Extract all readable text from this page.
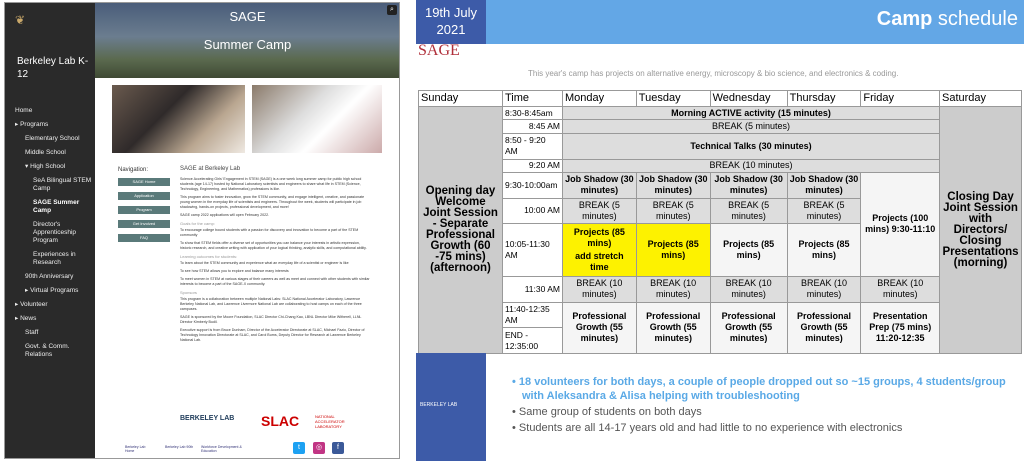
❦
Berkeley Lab K-12
Home
▸ Programs
Elementary School
Middle School
▾ High School
SeA Bilingual STEM Camp
SAGE Summer Camp
Director's Apprenticeship Program
Experiences in Research
90th Anniversary
▸ Virtual Programs
▸ Volunteer
▸ News
Staff
Govt. & Comm. Relations
SAGE
Summer Camp
⌕
Navigation:
SAGE Home
Application
Program
Get Involved
FAQ
SAGE at Berkeley Lab

Science Accelerating Girls' Engagement in STEM (SAGE) is a one week long summer camp for public high school students (age 14-17) hosted by National Laboratory scientists and engineers to share what life in STEM (Science, Technology, Engineering, and Mathematics) professions is like.

This program aims to foster innovation, grow the STEM community, and engage intelligent, creative, and passionate young women in the everyday life of scientists and engineers. Throughout the week, students will participate in job shadowing, hands-on projects, professional development, and more!

SAGE camp 2022 applications will open February 2022.

Goals for the camp:

To encourage college bound students with a passion for discovery and innovation to become a part of the STEM community

To show that STEM fields offer a diverse set of opportunities you can balance your interests in artistic expression, historic research, and creative writing with application of your logical thinking, analytic skills, and computational ability.

Learning outcomes for students:

To learn about the STEM community and experience what an everyday life of a scientist or engineer is like

To see how STEM allows you to explore and balance many interests

To meet women in STEM at various stages of their careers as well as meet and connect with other students with similar interests to become a part of the SAGE-X community.

Sponsors

This program is a collaboration between multiple National Labs: SLAC National Accelerator Laboratory, Lawrence Berkeley National Lab, and Lawrence Livermore National Lab are collaborating to host camps on each of the three campuses.

SAGE is sponsored by the Moore Foundation, SLAC Director Chi-Chang Kao, LBNL Director Mike Witherell, LLNL Director Kimberly Budil.

Executive support is from Bruce Dunham, Director of the Accelerator Directorate at SLAC, Michael Fazio, Director of Technology Innovation Directorate at SLAC, and Carol Burns, Deputy Director for Research at Lawrence Berkeley National Lab.

BERKELEY LAB SLAC	NATIONAL ACCELERATOR LABORATORY
Berkeley Lab Home
Berkeley Lab 90th	Workforce Development & Education	t	◎	f
19th July 2021	Camp schedule
SAGE
This year's camp has projects on alternative energy, microscopy & bio science, and electronics & coding.
Sunday	Time	Monday	Tuesday	Wednesday	Thursday	Friday	Saturday
Opening day Welcome Joint Session - Separate Professional Growth (60 -75 mins) (afternoon)	8:30-8:45am	Morning ACTIVE activity (15 minutes)					Closing Day Joint Session with Directors/ Closing Presentations (morning)
	8:45 AM	BREAK (5 minutes)					
	8:50 - 9:20 AM	Technical Talks (30 minutes)					
	9:20 AM	BREAK (10 minutes)					
	9:30-10:00am	Job Shadow (30 minutes)	Job Shadow (30 minutes)	Job Shadow (30 minutes)	Job Shadow (30 minutes)	Projects (100 mins) 9:30-11:10	
	10:00 AM	BREAK (5 minutes)	BREAK (5 minutes)	BREAK (5 minutes)	BREAK (5 minutes)		
	10:05-11:30 AM	Projects (85 mins)
add stretch time	Projects (85 mins)	Projects (85 mins)	Projects (85 mins)		
	11:30 AM	BREAK (10 minutes)	BREAK (10 minutes)	BREAK (10 minutes)	BREAK (10 minutes)	BREAK (10 minutes)	
	11:40-12:35 AM	Professional Growth (55 minutes)	Professional Growth (55 minutes)	Professional Growth (55 minutes)	Professional Growth (55 minutes)	Presentation Prep (75 mins) 11:20-12:35	
	END - 12:35:00						
BERKELEY LAB
• 18 volunteers for both days, a couple of people dropped out so ~15 groups, 4 students/group with Aleksandra & Alisa helping with troubleshooting
• Same group of students on both days
• Students are all 14-17 years old and had little to no experience with electronics
